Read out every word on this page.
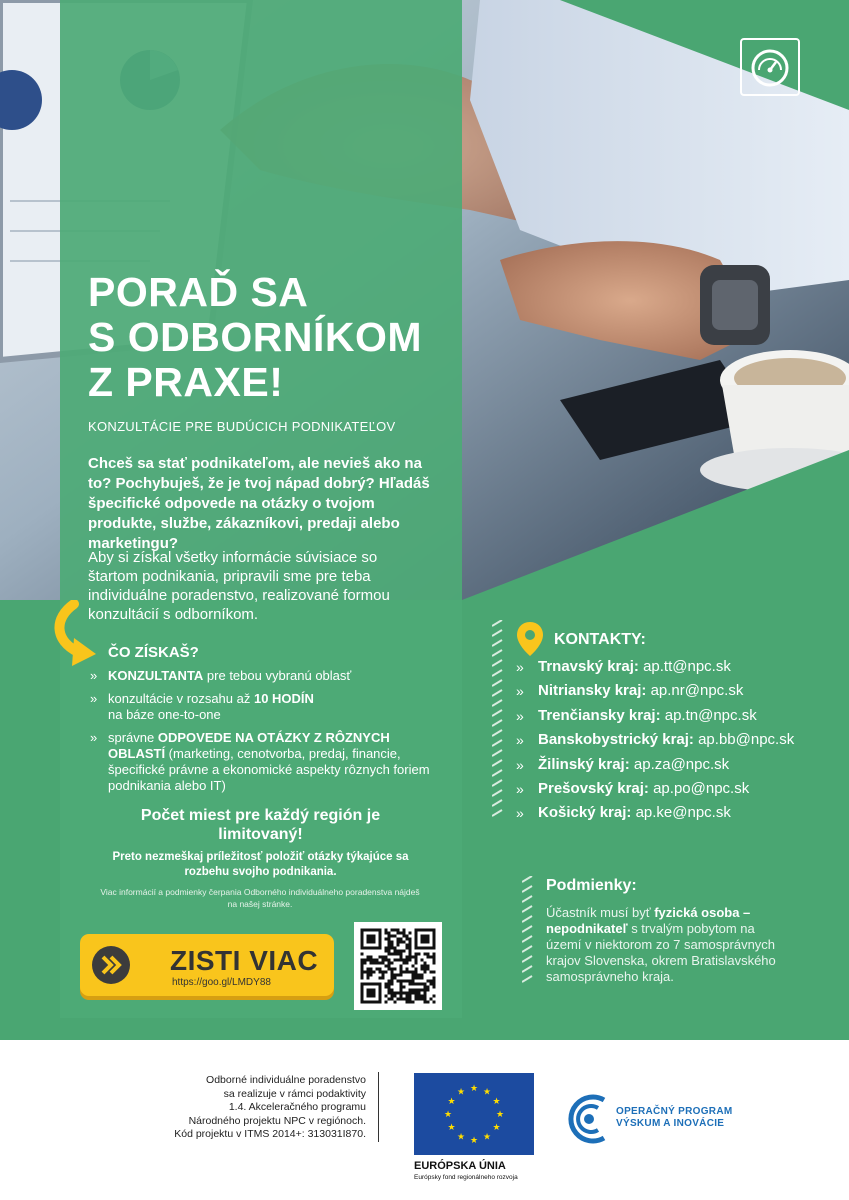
PORAĎ SA
S ODBORNÍKOM
Z PRAXE!
KONZULTÁCIE PRE BUDÚCICH PODNIKATEĽOV

Chceš sa stať podnikateľom, ale nevieš ako na to? Pochybuješ, že je tvoj nápad dobrý? Hľadáš špecifické odpovede na otázky o tvojom produkte, službe, zákazníkovi, predaji alebo marketingu?

Aby si získal všetky informácie súvisiace so štartom podnikania, pripravili sme pre teba individuálne poradenstvo, realizované formou konzultácií s odborníkom.

ČO ZÍSKAŠ?
» KONZULTANTA pre tebou vybranú oblasť
» konzultácie v rozsahu až 10 HODÍN
na báze one-to-one
» správne ODPOVEDE NA OTÁZKY Z RÔZNYCH OBLASTÍ (marketing, cenotvorba, predaj, financie, špecifické právne a ekonomické aspekty rôznych foriem podnikania alebo IT)

Počet miest pre každý región je limitovaný!

Preto nezmeškaj príležitosť položiť otázky týkajúce sa rozbehu svojho podnikania.

Viac informácií a podmienky čerpania Odborného individuálneho poradenstva nájdeš na našej stránke.

ZISTI VIAC
https://goo.gl/LMDY88
KONTAKTY:
» Trnavský kraj: ap.tt@npc.sk
» Nitriansky kraj: ap.nr@npc.sk
» Trenčiansky kraj: ap.tn@npc.sk
» Banskobystrický kraj: ap.bb@npc.sk
» Žilinský kraj: ap.za@npc.sk
» Prešovský kraj: ap.po@npc.sk
» Košický kraj: ap.ke@npc.sk
Podmienky:

Účastník musí byť fyzická osoba – nepodnikateľ s trvalým pobytom na území v niektorom zo 7 samosprávnych krajov Slovenska, okrem Bratislavského samosprávneho kraja.

Odborné individuálne poradenstvo
sa realizuje v rámci podaktivity
1.4. Akceleračného programu
Národného projektu NPC v regiónoch.
Kód projektu v ITMS 2014+: 313031I870.

★ ★
★
★
★
★
★
★
★
★
★
★
EURÓPSKA ÚNIA
Európsky fond regionálneho rozvoja
OPERAČNÝ PROGRAM
VÝSKUM A INOVÁCIE
